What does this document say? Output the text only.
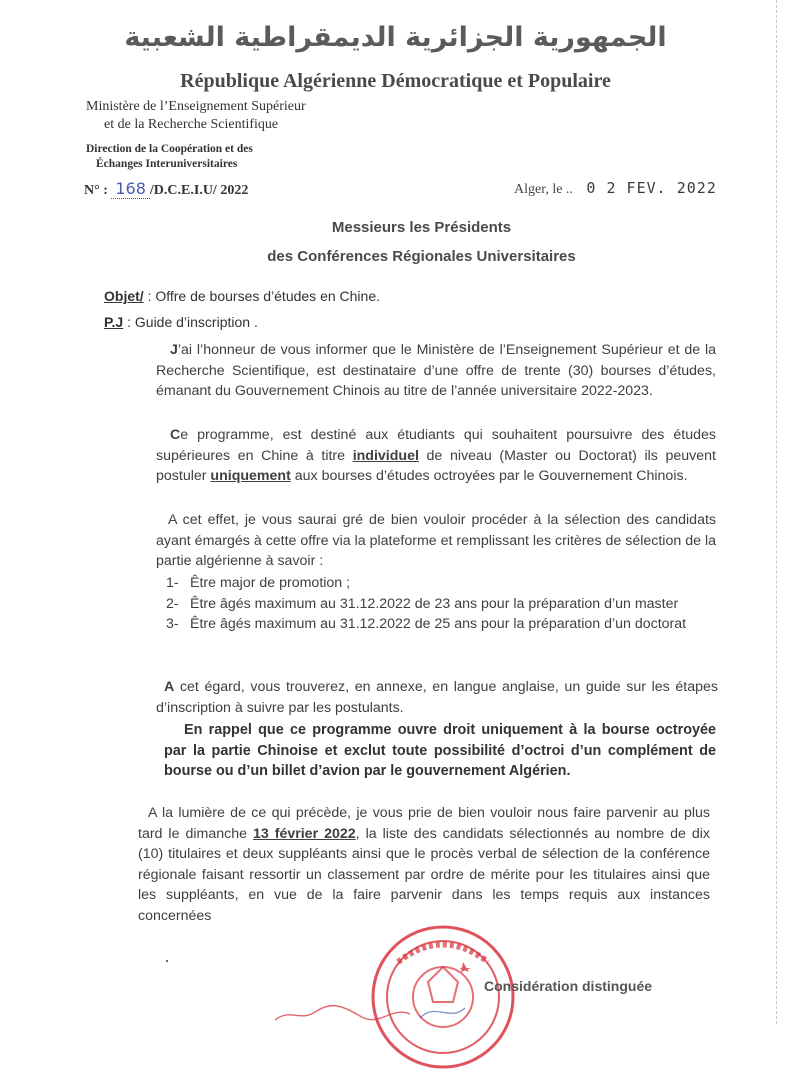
الجمهورية الجزائرية الديمقراطية الشعبية
République Algérienne Démocratique et Populaire
Ministère de l’Enseignement Supérieur
et de la Recherche Scientifique
Direction de la Coopération et des
Échanges Interuniversitaires
N° : 168 /D.C.E.I.U/ 2022	Alger, le .. 0 2 FEV. 2022
Messieurs les Présidents
des Conférences Régionales Universitaires
Objet/ : Offre de bourses d’études en Chine.
P.J : Guide d’inscription .

J’ai l’honneur de vous informer que le Ministère de l’Enseignement Supérieur et de la Recherche Scientifique, est destinataire d’une offre de trente (30) bourses d’études, émanant du Gouvernement Chinois au titre de l’année universitaire 2022-2023.

Ce programme, est destiné aux étudiants qui souhaitent poursuivre des études supérieures en Chine à titre individuel de niveau (Master ou Doctorat) ils peuvent postuler uniquement aux bourses d’études octroyées par le Gouvernement Chinois.

A cet effet, je vous saurai gré de bien vouloir procéder à la sélection des candidats ayant émargés à cette offre via la plateforme et remplissant les critères de sélection de la partie algérienne à savoir :

1- Être major de promotion ;
2- Être âgés maximum au 31.12.2022 de 23 ans pour la préparation d’un master
3- Être âgés maximum au 31.12.2022 de 25 ans pour la préparation d’un doctorat

A cet égard, vous trouverez, en annexe, en langue anglaise, un guide sur les étapes d’inscription à suivre par les postulants.

En rappel que ce programme ouvre droit uniquement à la bourse octroyée par la partie Chinoise et exclut toute possibilité d’octroi d’un complément de bourse ou d’un billet d’avion par le gouvernement Algérien.

A la lumière de ce qui précède, je vous prie de bien vouloir nous faire parvenir au plus tard le dimanche 13 février 2022, la liste des candidats sélectionnés au nombre de dix (10) titulaires et deux suppléants ainsi que le procès verbal de sélection de la conférence régionale faisant ressortir un classement par ordre de mérite pour les titulaires ainsi que les suppléants, en vue de la faire parvenir dans les temps requis aux instances concernées

Considération distinguée
